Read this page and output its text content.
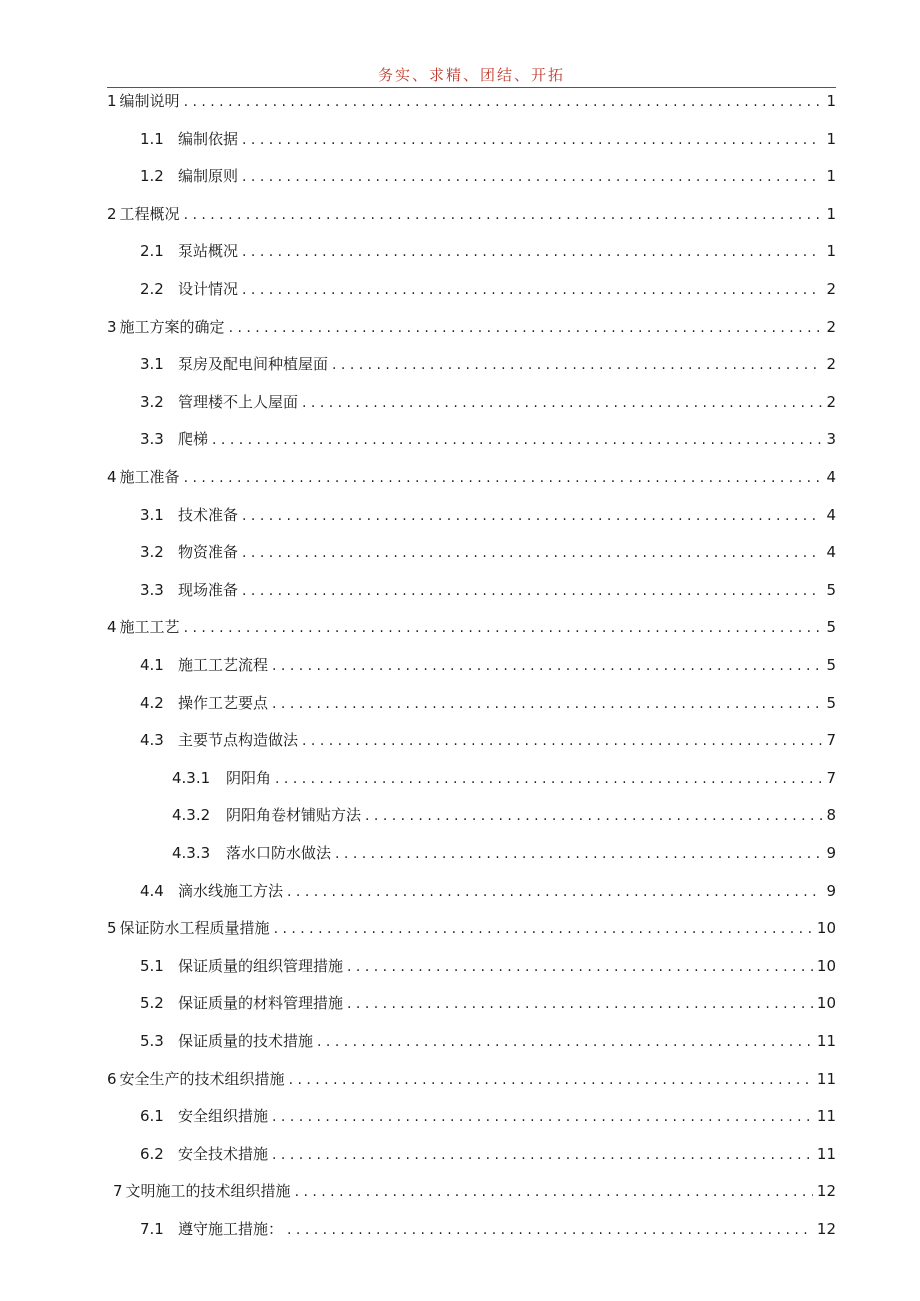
务实、求精、团结、开拓
1 编制说明 . . .	1
1.1 编制依据 . . .	1
1.2 编制原则 . . .	1
2 工程概况 . . .	1
2.1 泵站概况 . . .	1
2.2 设计情况 . . .	2
3 施工方案的确定 . . .	2
3.1 泵房及配电间种植屋面 . . .	2
3.2 管理楼不上人屋面 . . .	2
3.3 爬梯 . . .	3
4 施工准备 . . .	4
3.1 技术准备 . . .	4
3.2 物资准备 . . .	4
3.3 现场准备 . . .	5
4 施工工艺 . . .	5
4.1 施工工艺流程 . . .	5
4.2 操作工艺要点 . . .	5
4.3 主要节点构造做法 . . .	7
4.3.1	阴阳角 . . .	7
4.3.2	阴阳角卷材铺贴方法 . . .	8
4.3.3	落水口防水做法 . . .	9
4.4 滴水线施工方法 . . .	9
5 保证防水工程质量措施 . . .	10
5.1 保证质量的组织管理措施 . . .	10
5.2 保证质量的材料管理措施 . . .	10
5.3 保证质量的技术措施 . . .	11
6 安全生产的技术组织措施 . . .	11
6.1 安全组织措施 . . .	11
6.2 安全技术措施 . . .	11
7 文明施工的技术组织措施 . . .	12
7.1 遵守施工措施： . . .	12
